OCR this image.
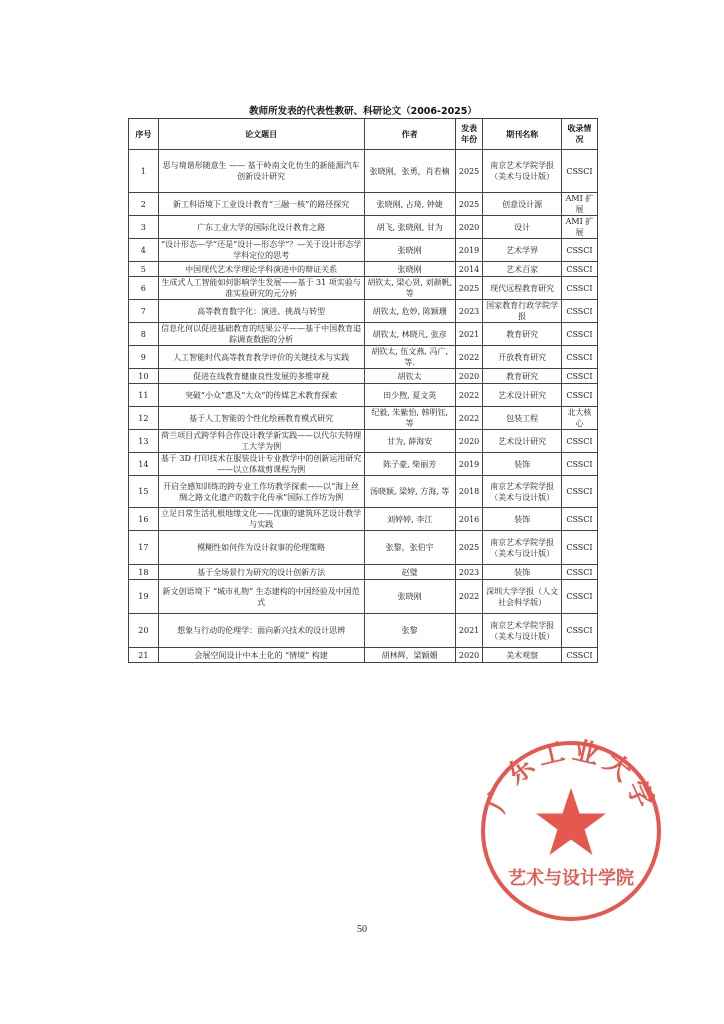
教师所发表的代表性教研、科研论文（2006-2025）
序号	论文题目	作者	发表年份	期刊名称	收录情况
1	思与境谐形随意生 —— 基于岭南文化仿生的新能源汽车创新设计研究	张晓刚，张勇，肖若楠	2025	南京艺术学院学报（美术与设计版）	CSSCI
2	新工科语境下工业设计教育“三融一核”的路径探究	张晓刚, 占琦, 钟婕	2025	创意设计源	AMI 扩展
3	广东工业大学的国际化设计教育之路	胡飞, 张晓刚, 甘为	2020	设计	AMI 扩展
4	“设计形态—学”还是“设计—形态学”？—关于设计形态学学科定位的思考	张晓刚	2019	艺术学界	CSSCI
5	中国现代艺术学理论学科演进中的辩证关系	张晓刚	2014	艺术百家	CSSCI
6	生成式人工智能如何影响学生发展——基于 31 项实验与准实验研究的元分析	胡钦太, 梁心贤, 刘颜帆, 等	2025	现代远程教育研究	CSSCI
7	高等教育数字化：演进、挑战与转型	胡钦太, 危妙, 陈颖珊	2023	国家教育行政学院学报	CSSCI
8	信息化何以促进基础教育的结果公平——基于中国教育追踪调查数据的分析	胡钦太, 林晓凡, 张彦	2021	教育研究	CSSCI
9	人工智能时代高等教育教学评价的关键技术与实践	胡钦太, 伍文燕, 冯广, 等.	2022	开放教育研究	CSSCI
10	促进在线教育健康良性发展的多维审视	胡钦太	2020	教育研究	CSSCI
11	突破“小众”惠及“大众”的传媒艺术教育探索	田少煦, 夏文英	2022	艺术设计研究	CSSCI
12	基于人工智能的个性化绘画教育模式研究	纪毅, 朱紫怡, 韩明钰, 等	2022	包装工程	北大核心
13	荷兰项目式跨学科合作设计教学新实践——以代尔夫特理工大学为例	甘为, 薛海安	2020	艺术设计研究	CSSCI
14	基于 3D 打印技术在服装设计专业教学中的创新运用研究——以立体裁剪课程为例	陈子豪, 柴丽芳	2019	装饰	CSSCI
15	开启全感知训练的跨专业工作坊教学探索——以“海上丝绸之路文化遗产的数字化传承”国际工作坊为例	汤晓颖, 梁婷, 方海, 等	2018	南京艺术学院学报（美术与设计版）	CSSCI
16	立足日常生活扎根地缘文化——沈康的建筑环艺设计教学与实践	刘婷婷, 李江	2016	装饰	CSSCI
17	模糊性如何作为设计叙事的伦理策略	张黎，张伯宇	2025	南京艺术学院学报（美术与设计版）	CSSCI
18	基于全场景行为研究的设计创新方法	赵璧	2023	装饰	CSSCI
19	新文创语境下 “城市礼物” 生态建构的中国经验及中国范式	张晓刚	2022	深圳大学学报（人文社会科学版）	CSSCI
20	想象与行动的伦理学：面向新兴技术的设计思辨	张黎	2021	南京艺术学院学报（美术与设计版）	CSSCI
21	会展空间设计中本土化的 “情境” 构建	胡林辉，梁颖媚	2020	美术观察	CSSCI
广东工业大学
艺术与设计学院
50
